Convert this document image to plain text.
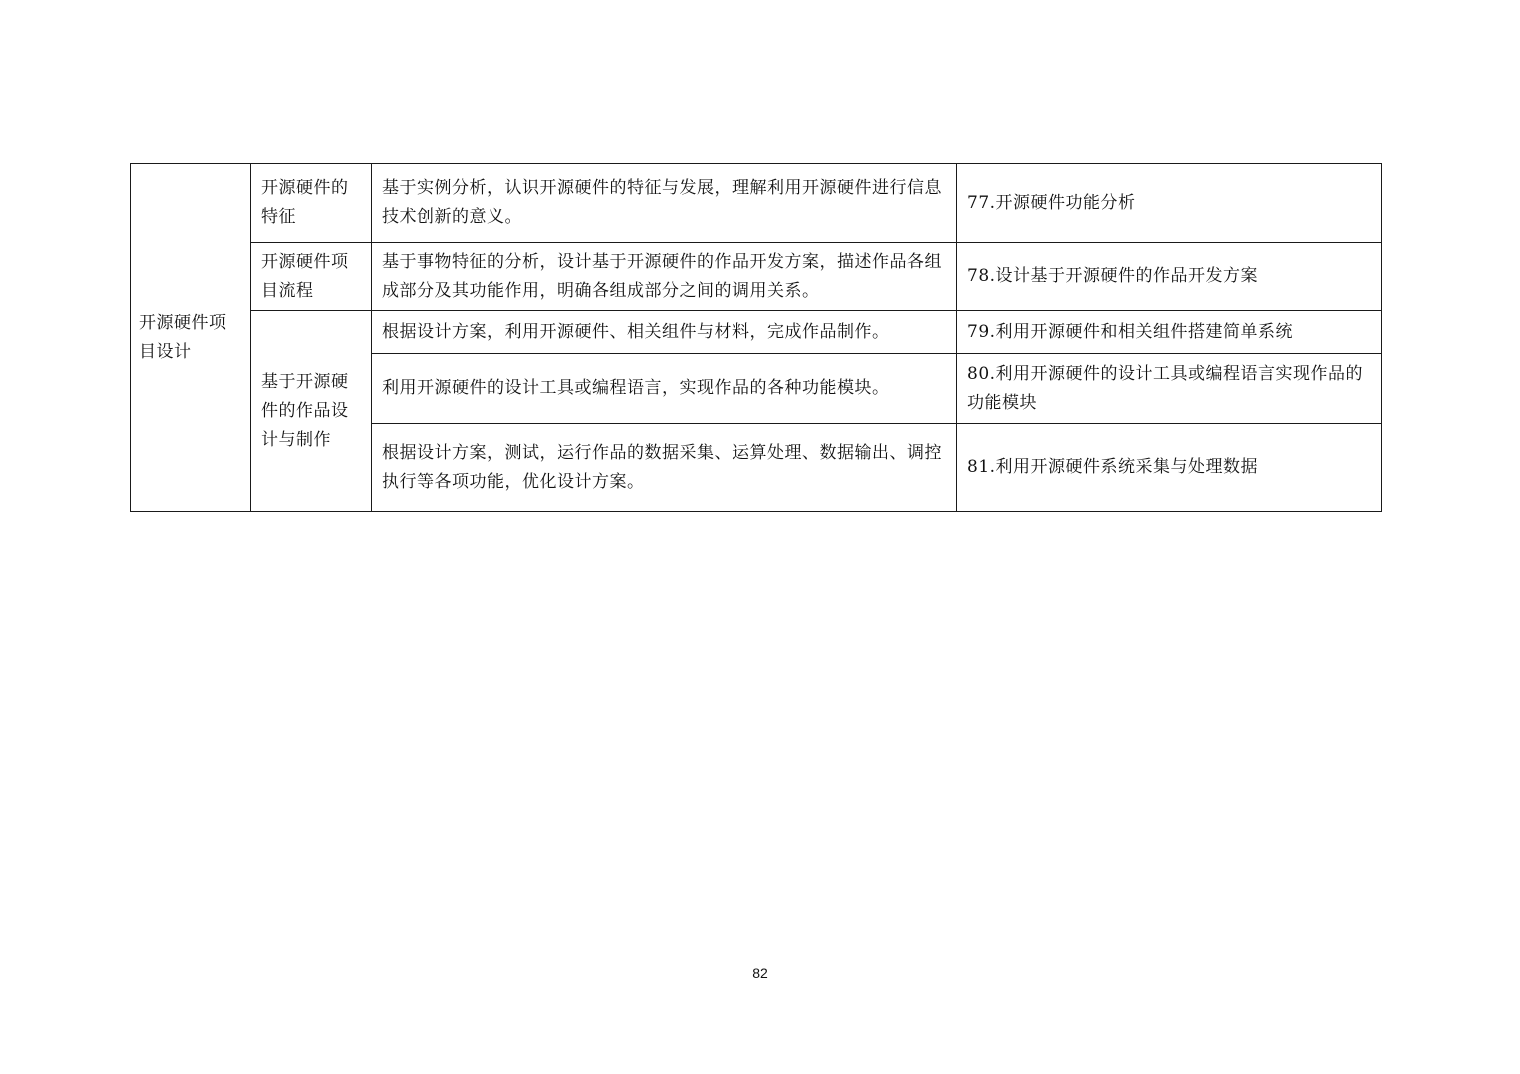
开源硬件项目设计	开源硬件的特征	基于实例分析，认识开源硬件的特征与发展，理解利用开源硬件进行信息技术创新的意义。	77.开源硬件功能分析
	开源硬件项目流程	基于事物特征的分析，设计基于开源硬件的作品开发方案，描述作品各组成部分及其功能作用，明确各组成部分之间的调用关系。	78.设计基于开源硬件的作品开发方案
	基于开源硬件的作品设计与制作	根据设计方案，利用开源硬件、相关组件与材料，完成作品制作。	79.利用开源硬件和相关组件搭建简单系统
		利用开源硬件的设计工具或编程语言，实现作品的各种功能模块。	80.利用开源硬件的设计工具或编程语言实现作品的功能模块
		根据设计方案，测试，运行作品的数据采集、运算处理、数据输出、调控执行等各项功能，优化设计方案。	81.利用开源硬件系统采集与处理数据
82
